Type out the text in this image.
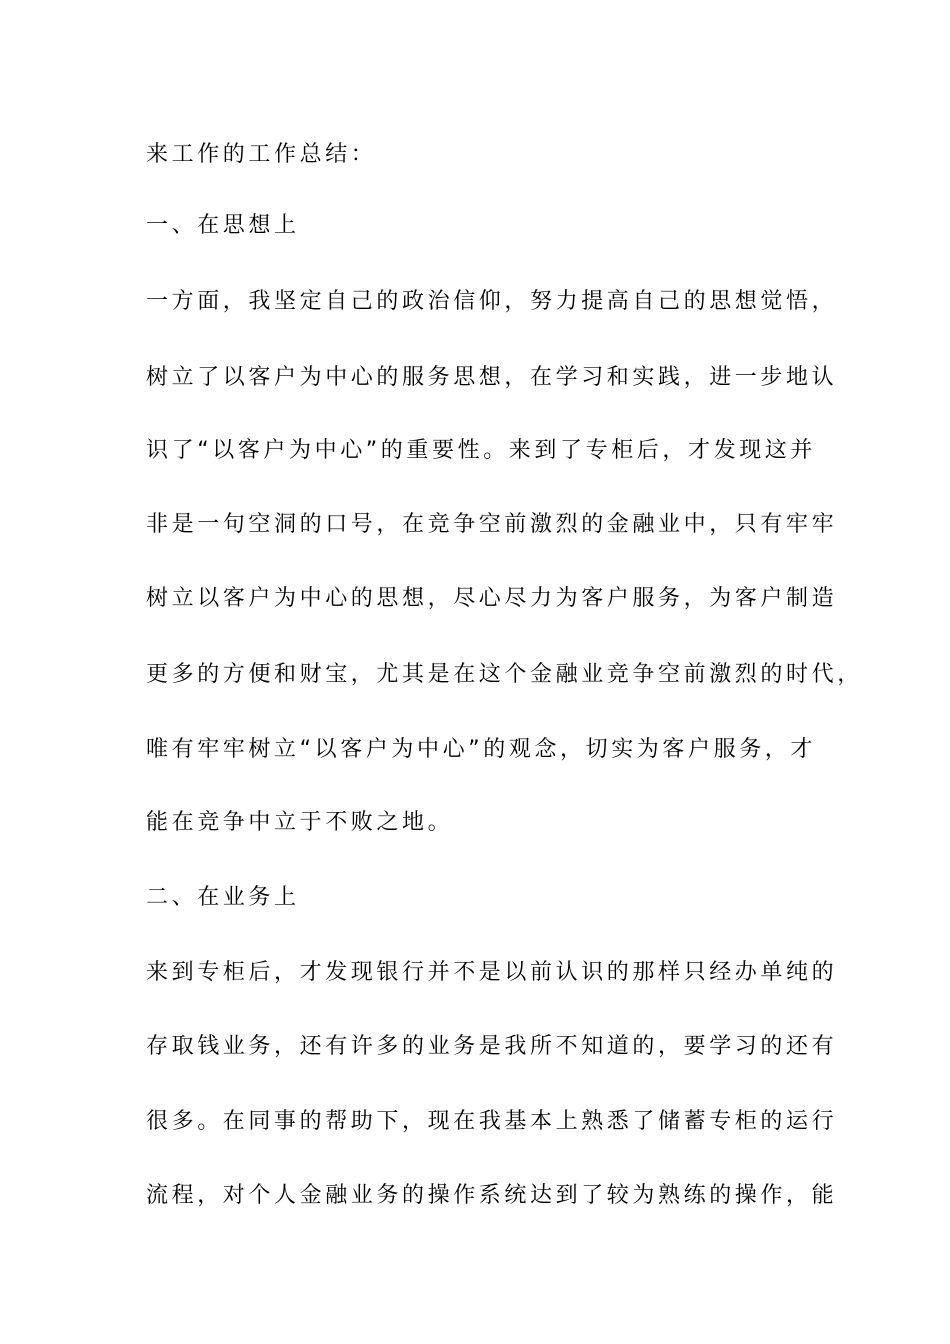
来工作的工作总结：
一、在思想上
一方面，我坚定自己的政治信仰，努力提高自己的思想觉悟，
树立了以客户为中心的服务思想，在学习和实践，进一步地认
识了“以客户为中心”的重要性。来到了专柜后，才发现这并
非是一句空洞的口号，在竞争空前激烈的金融业中，只有牢牢
树立以客户为中心的思想，尽心尽力为客户服务，为客户制造
更多的方便和财宝，尤其是在这个金融业竞争空前激烈的时代，
唯有牢牢树立“以客户为中心”的观念，切实为客户服务，才
能在竞争中立于不败之地。
二、在业务上
来到专柜后，才发现银行并不是以前认识的那样只经办单纯的
存取钱业务，还有许多的业务是我所不知道的，要学习的还有
很多。在同事的帮助下，现在我基本上熟悉了储蓄专柜的运行
流程，对个人金融业务的操作系统达到了较为熟练的操作，能
